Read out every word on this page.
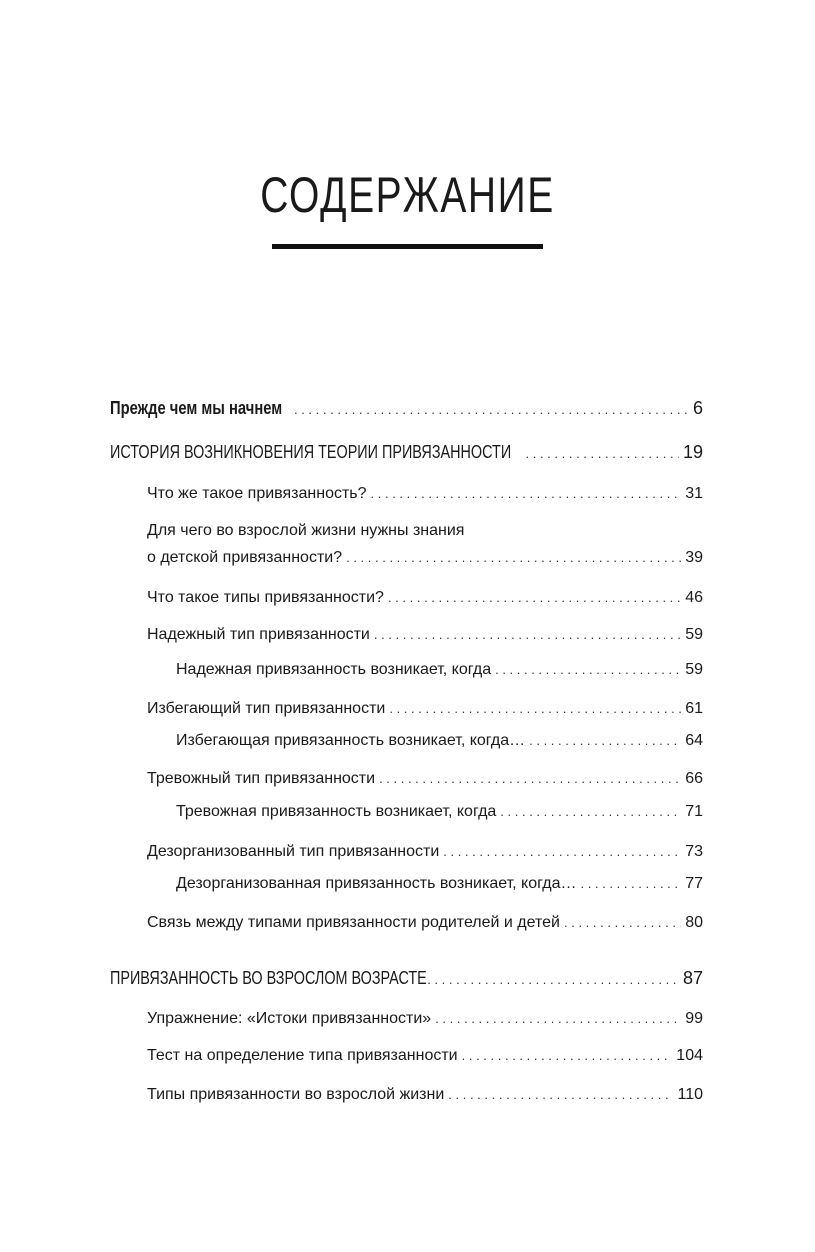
СОДЕРЖАНИЕ
Прежде чем мы начнем . . .	6
ИСТОРИЯ ВОЗНИКНОВЕНИЯ ТЕОРИИ ПРИВЯЗАННОСТИ . . .	19
Что же такое привязанность? . . .	31
Для чего во взрослой жизни нужны знания
о детской привязанности? . . .	39
Что такое типы привязанности? . . .	46
Надежный тип привязанности . . .	59
Надежная привязанность возникает, когда . . .	59
Избегающий тип привязанности . . .	61
Избегающая привязанность возникает, когда… . . .	64
Тревожный тип привязанности . . .	66
Тревожная привязанность возникает, когда . . .	71
Дезорганизованный тип привязанности . . .	73
Дезорганизованная привязанность возникает, когда… . . .	77
Связь между типами привязанности родителей и детей . . .	80
ПРИВЯЗАННОСТЬ ВО ВЗРОСЛОМ ВОЗРАСТЕ . . .	87
Упражнение: «Истоки привязанности» . . .	99
Тест на определение типа привязанности . . .	104
Типы привязанности во взрослой жизни . . .	110
